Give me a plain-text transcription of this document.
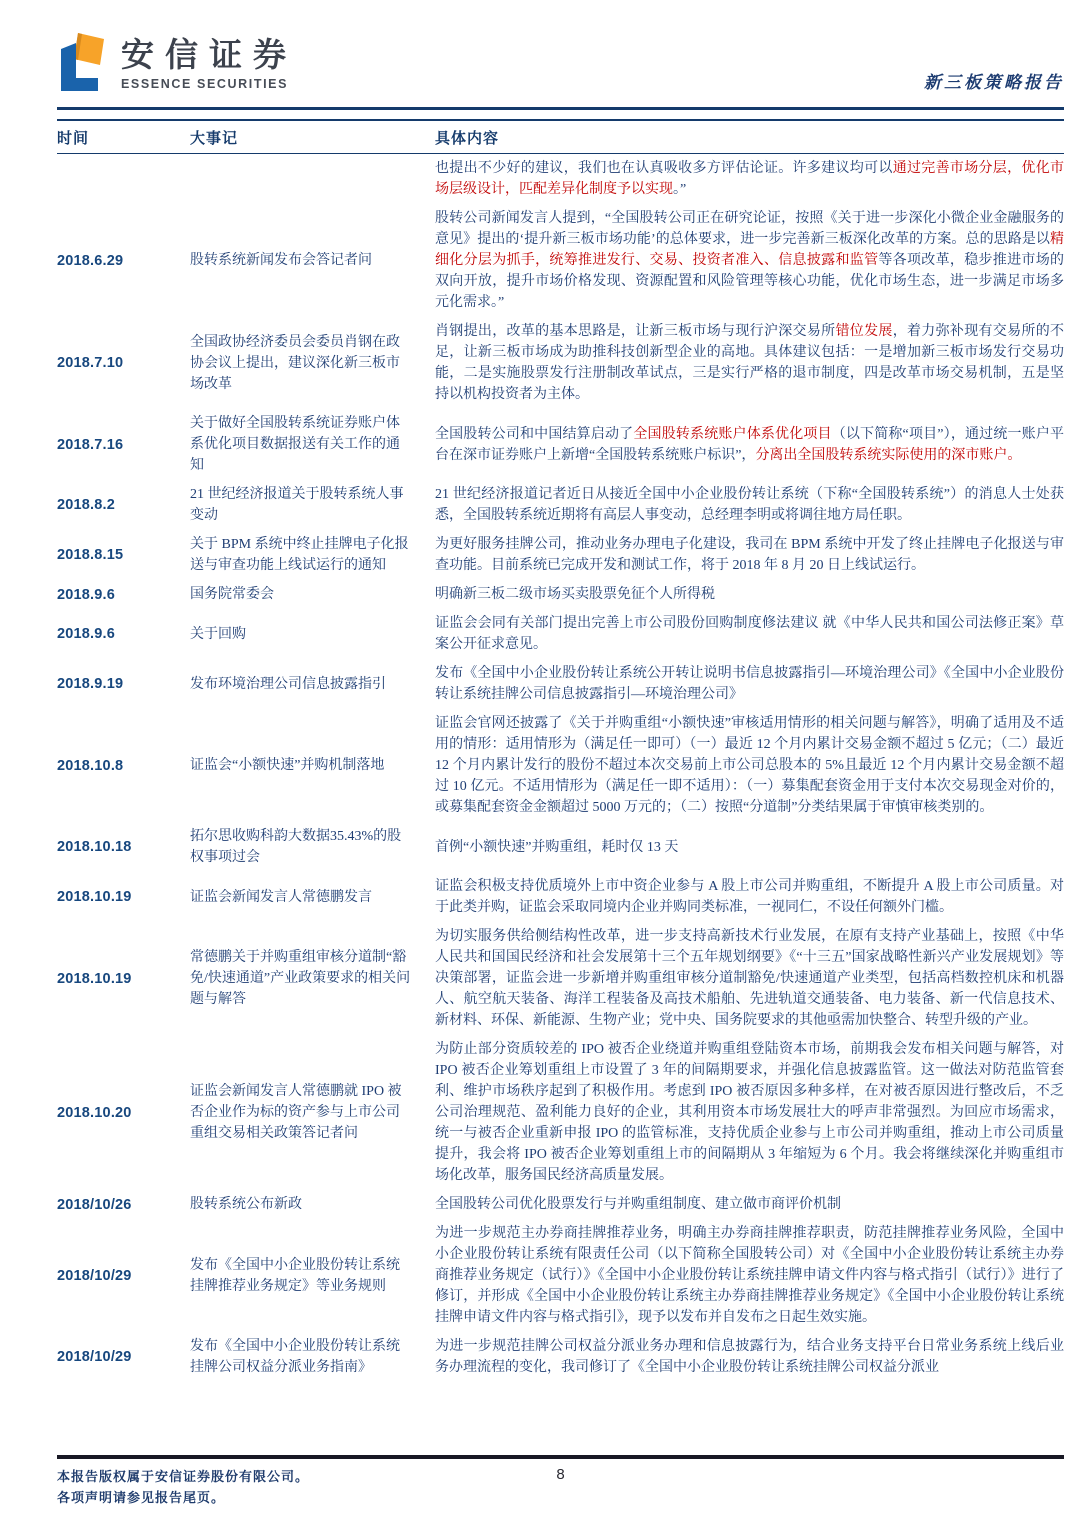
安信证券
ESSENCE SECURITIES	新三板策略报告
时间	大事记	具体内容
		也提出不少好的建议，我们也在认真吸收多方评估论证。许多建议均可以通过完善市场分层，优化市场层级设计，匹配差异化制度予以实现。”
2018.6.29	股转系统新闻发布会答记者问	股转公司新闻发言人提到，“全国股转公司正在研究论证，按照《关于进一步深化小微企业金融服务的意见》提出的‘提升新三板市场功能’的总体要求，进一步完善新三板深化改革的方案。总的思路是以精细化分层为抓手，统筹推进发行、交易、投资者准入、信息披露和监管等各项改革，稳步推进市场的双向开放，提升市场价格发现、资源配置和风险管理等核心功能，优化市场生态，进一步满足市场多元化需求。”
2018.7.10	全国政协经济委员会委员肖钢在政协会议上提出，建议深化新三板市场改革	肖钢提出，改革的基本思路是，让新三板市场与现行沪深交易所错位发展，着力弥补现有交易所的不足，让新三板市场成为助推科技创新型企业的高地。具体建议包括：一是增加新三板市场发行交易功能，二是实施股票发行注册制改革试点，三是实行严格的退市制度，四是改革市场交易机制，五是坚持以机构投资者为主体。
2018.7.16	关于做好全国股转系统证券账户体系优化项目数据报送有关工作的通知	全国股转公司和中国结算启动了全国股转系统账户体系优化项目（以下简称“项目”），通过统一账户平台在深市证券账户上新增“全国股转系统账户标识”，分离出全国股转系统实际使用的深市账户。
2018.8.2	21 世纪经济报道关于股转系统人事变动	21 世纪经济报道记者近日从接近全国中小企业股份转让系统（下称“全国股转系统”）的消息人士处获悉，全国股转系统近期将有高层人事变动，总经理李明或将调往地方局任职。
2018.8.15	关于 BPM 系统中终止挂牌电子化报送与审查功能上线试运行的通知	为更好服务挂牌公司，推动业务办理电子化建设，我司在 BPM 系统中开发了终止挂牌电子化报送与审查功能。目前系统已完成开发和测试工作，将于 2018 年 8 月 20 日上线试运行。
2018.9.6	国务院常委会	明确新三板二级市场买卖股票免征个人所得税
2018.9.6	关于回购	证监会会同有关部门提出完善上市公司股份回购制度修法建议 就《中华人民共和国公司法修正案》草案公开征求意见。
2018.9.19	发布环境治理公司信息披露指引	发布《全国中小企业股份转让系统公开转让说明书信息披露指引—环境治理公司》《全国中小企业股份转让系统挂牌公司信息披露指引—环境治理公司》
2018.10.8	证监会“小额快速”并购机制落地	证监会官网还披露了《关于并购重组“小额快速”审核适用情形的相关问题与解答》，明确了适用及不适用的情形：适用情形为（满足任一即可）（一）最近 12 个月内累计交易金额不超过 5 亿元；（二）最近 12 个月内累计发行的股份不超过本次交易前上市公司总股本的 5%且最近 12 个月内累计交易金额不超过 10 亿元。不适用情形为（满足任一即不适用）：（一）募集配套资金用于支付本次交易现金对价的，或募集配套资金金额超过 5000 万元的；（二）按照“分道制”分类结果属于审慎审核类别的。
2018.10.18	拓尔思收购科韵大数据35.43%的股权事项过会	首例“小额快速”并购重组，耗时仅 13 天
2018.10.19	证监会新闻发言人常德鹏发言	证监会积极支持优质境外上市中资企业参与 A 股上市公司并购重组，不断提升 A 股上市公司质量。对于此类并购，证监会采取同境内企业并购同类标准，一视同仁，不设任何额外门槛。
2018.10.19	常德鹏关于并购重组审核分道制“豁免/快速通道”产业政策要求的相关问题与解答	为切实服务供给侧结构性改革，进一步支持高新技术行业发展，在原有支持产业基础上，按照《中华人民共和国国民经济和社会发展第十三个五年规划纲要》《“十三五”国家战略性新兴产业发展规划》等决策部署，证监会进一步新增并购重组审核分道制豁免/快速通道产业类型，包括高档数控机床和机器人、航空航天装备、海洋工程装备及高技术船舶、先进轨道交通装备、电力装备、新一代信息技术、新材料、环保、新能源、生物产业；党中央、国务院要求的其他亟需加快整合、转型升级的产业。
2018.10.20	证监会新闻发言人常德鹏就 IPO 被否企业作为标的资产参与上市公司重组交易相关政策答记者问	为防止部分资质较差的 IPO 被否企业绕道并购重组登陆资本市场，前期我会发布相关问题与解答，对 IPO 被否企业筹划重组上市设置了 3 年的间隔期要求，并强化信息披露监管。这一做法对防范监管套利、维护市场秩序起到了积极作用。考虑到 IPO 被否原因多种多样，在对被否原因进行整改后，不乏公司治理规范、盈利能力良好的企业，其利用资本市场发展壮大的呼声非常强烈。为回应市场需求，统一与被否企业重新申报 IPO 的监管标准，支持优质企业参与上市公司并购重组，推动上市公司质量提升，我会将 IPO 被否企业筹划重组上市的间隔期从 3 年缩短为 6 个月。我会将继续深化并购重组市场化改革，服务国民经济高质量发展。
2018/10/26	股转系统公布新政	全国股转公司优化股票发行与并购重组制度、建立做市商评价机制
2018/10/29	发布《全国中小企业股份转让系统挂牌推荐业务规定》等业务规则	为进一步规范主办券商挂牌推荐业务，明确主办券商挂牌推荐职责，防范挂牌推荐业务风险，全国中小企业股份转让系统有限责任公司（以下简称全国股转公司）对《全国中小企业股份转让系统主办券商推荐业务规定（试行）》《全国中小企业股份转让系统挂牌申请文件内容与格式指引（试行）》进行了修订，并形成《全国中小企业股份转让系统主办券商挂牌推荐业务规定》《全国中小企业股份转让系统挂牌申请文件内容与格式指引》，现予以发布并自发布之日起生效实施。
2018/10/29	发布《全国中小企业股份转让系统挂牌公司权益分派业务指南》	为进一步规范挂牌公司权益分派业务办理和信息披露行为，结合业务支持平台日常业务系统上线后业务办理流程的变化，我司修订了《全国中小企业股份转让系统挂牌公司权益分派业
本报告版权属于安信证券股份有限公司。
各项声明请参见报告尾页。
8
